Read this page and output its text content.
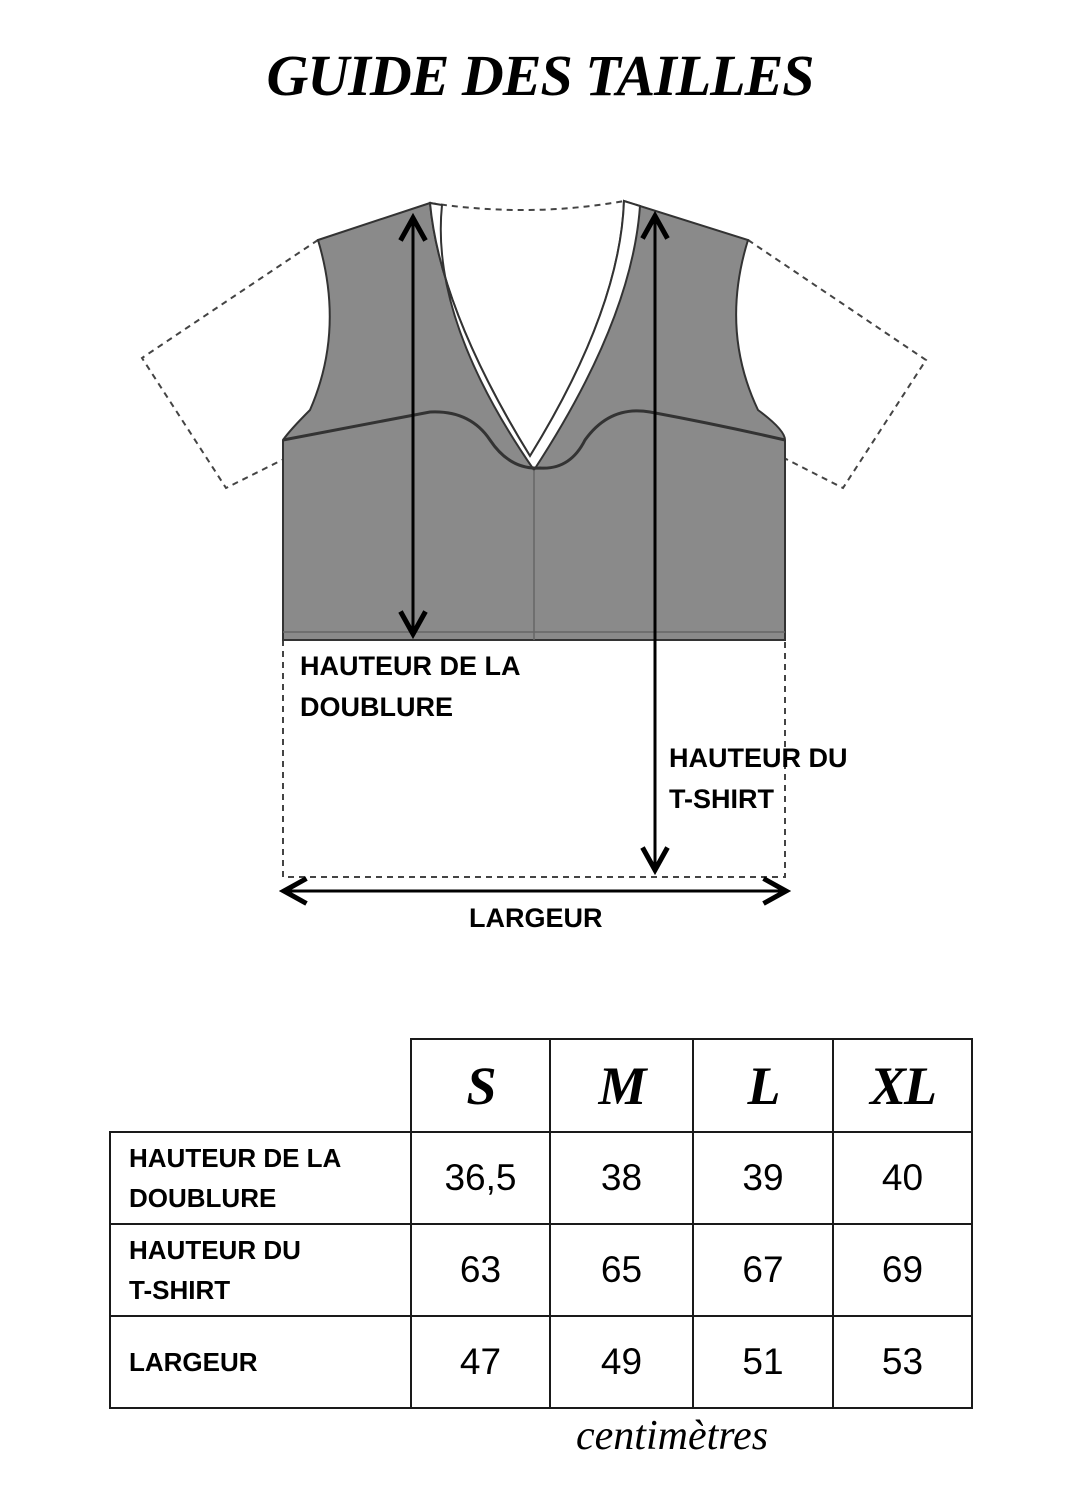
GUIDE DES TAILLES

HAUTEUR DE LA
DOUBLURE

HAUTEUR DU
T-SHIRT

LARGEUR

	S	M	L	XL

HAUTEUR DE LA
DOUBLURE	36,5	38	39	40

HAUTEUR DU
T-SHIRT	63	65	67	69

LARGEUR	47	49	51	53

centimètres
